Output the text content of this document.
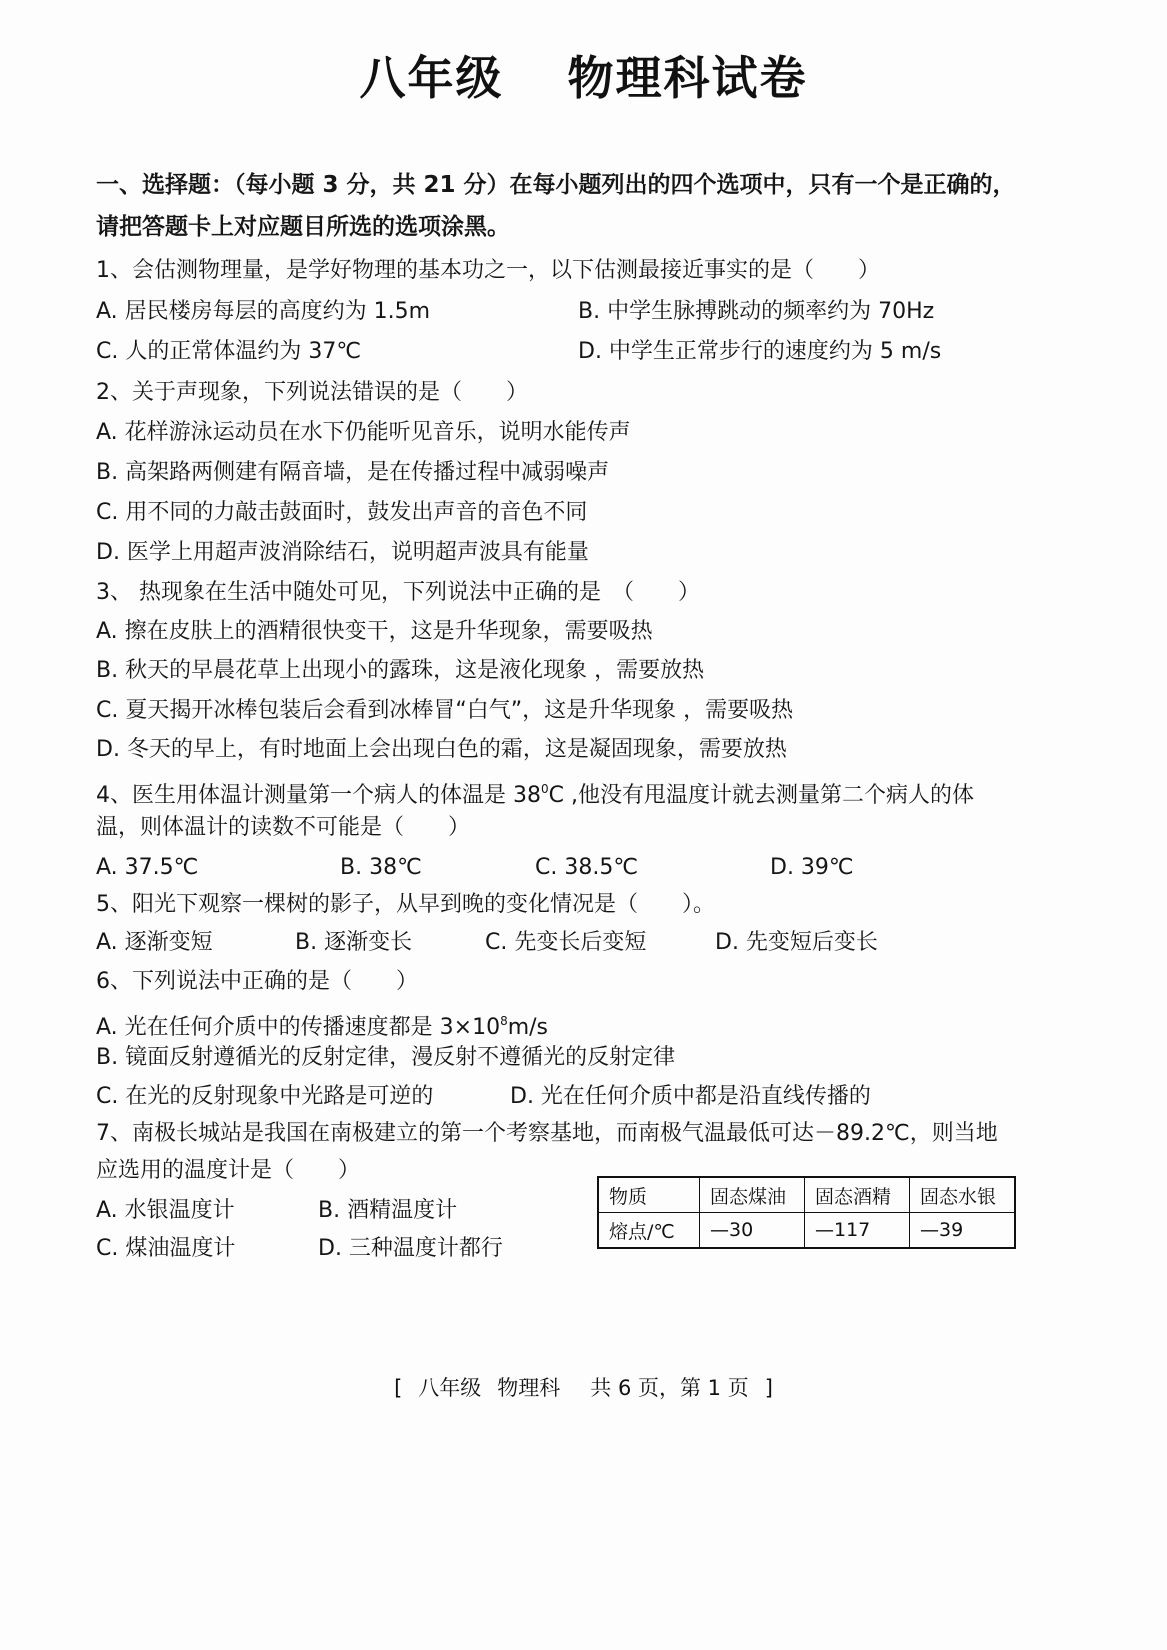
八年级 物理科试卷
一、选择题：（每小题 3 分，共 21 分）在每小题列出的四个选项中，只有一个是正确的，
请把答题卡上对应题目所选的选项涂黑。
1、会估测物理量，是学好物理的基本功之一，以下估测最接近事实的是（　　）
A. 居民楼房每层的高度约为 1.5m	B. 中学生脉搏跳动的频率约为 70Hz
C. 人的正常体温约为 37℃	D. 中学生正常步行的速度约为 5 m/s
2、关于声现象，下列说法错误的是（　　）
A. 花样游泳运动员在水下仍能听见音乐，说明水能传声
B. 高架路两侧建有隔音墙，是在传播过程中减弱噪声
C. 用不同的力敲击鼓面时，鼓发出声音的音色不同
D. 医学上用超声波消除结石，说明超声波具有能量
3、 热现象在生活中随处可见，下列说法中正确的是　（　　）
A. 擦在皮肤上的酒精很快变干，这是升华现象，需要吸热
B. 秋天的早晨花草上出现小的露珠，这是液化现象 ，需要放热
C. 夏天揭开冰棒包装后会看到冰棒冒“白气”，这是升华现象 ，需要吸热
D. 冬天的早上，有时地面上会出现白色的霜，这是凝固现象，需要放热
4、医生用体温计测量第一个病人的体温是 $38^0C$ ,他没有甩温度计就去测量第二个病人的体
温，则体温计的读数不可能是（　　）
A. 37.5℃	B. 38℃	C. 38.5℃	D. 39℃
5、阳光下观察一棵树的影子，从早到晚的变化情况是（　　）。
A. 逐渐变短	B. 逐渐变长	C. 先变长后变短	D. 先变短后变长
6、下列说法中正确的是（　　）
A. 光在任何介质中的传播速度都是 $3\times 10^8m/s$
B. 镜面反射遵循光的反射定律，漫反射不遵循光的反射定律
C. 在光的反射现象中光路是可逆的	D. 光在任何介质中都是沿直线传播的
7、南极长城站是我国在南极建立的第一个考察基地，而南极气温最低可达－89.2℃，则当地
应选用的温度计是（　　）
A. 水银温度计	B. 酒精温度计
C. 煤油温度计	D. 三种温度计都行
物质	固态煤油	固态酒精	固态水银
熔点/℃	—30	—117	—39
[ 八年级 物理科 共 6 页，第 1 页 ]
